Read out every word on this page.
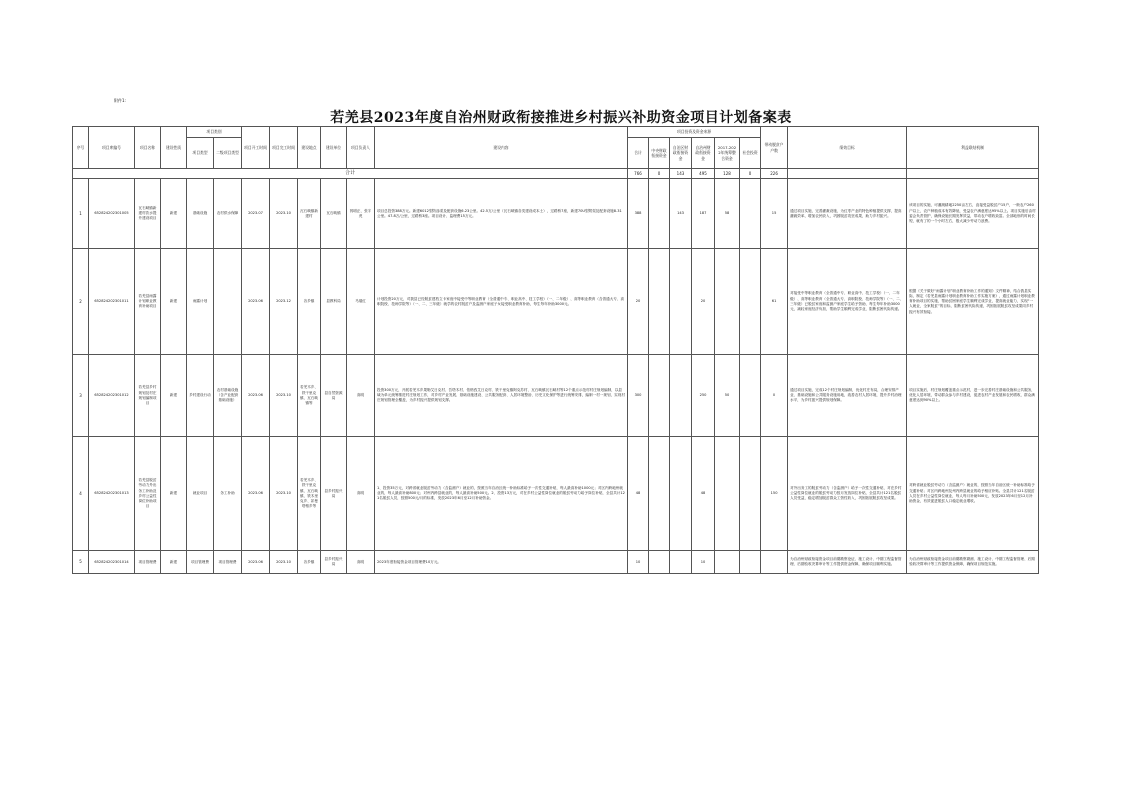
附件1:
若羌县2023年度自治州财政衔接推进乡村振兴补助资金项目计划备案表
序号	项目库编号	项目名称	建设性质	项目类别		项目开工时间	项目完工时间	建设地点	建设单位	项目负责人	建设内容	项目投资及资金来源						带动脱贫户户数	绩效目标	利益联结机制
				项目类型	二级项目类型							合计	中央财政衔接资金	自治区财政衔接资金	自治州财政衔接资金	2017-2022年统筹整合资金	社会投资			
合计												766	0	143	495	128	0	226		
1	652824202301005	瓦石峡镇新建村饮水提升建设项目	新建	基础设施	农村供水保障	2023.07	2023.10	瓦石峡镇新建村	瓦石峡镇	郭明正、张宇虎	项目总投资388万元。新建6012型防渗渠及配套设施6.23公里。42.5万/公里（瓦石峡镇各类建设成本土），过路桥7座，新建70U型附渠及配套设施8.31公里。47.8万/公里，过路桥3座。项目设计、监理费15万元。	388		143	187	58		15	通过项目实施，完善灌溉设施，为红枣产业的特色种植提供支撑，提高灌溉效率，增加农民收入，巩固脱贫攻坚成果，助力乡村振兴。	该项目的实施，可灌溉耕地2250亩左右，直接受益脱贫户15户，一般农户260户以上，农户种植成本有效降低，受益农户满意度达95%以上。项目实施后由村委会负责管护，确保设施长期发挥效益，带动农户增收致富。全部地形的时间长短，就有了的一个小时左右，极大减少劳动力浪费。
2	652824202301011	若羌县雨露计划职业教育补助项目	新建	雨露计划		2023.06	2023.12	各乡镇	县教科局	马瑞红	计划投资20万元，对我县已经脱贫建档立卡家庭中接受中等职业教育（全普通中专、职业高中、技工学校）（一、二年级）、高等职业教育（含普通大专、高职院校、技师学院等）（一、二、三年级）就学的农村脱贫户及监测户家庭子女接受职业教育补助，每生每年补助3000元。	20			20			61	对接受中等职业教育（全普通中专、职业高中、技工学校）（一、二年级）、高等职业教育（全普通大专、高职院校、技师学院等）（一、二、三年级）已脱贫家庭和监测户家庭学生给予资助，每生每年补助3000元，减轻家庭经济负担，帮助学生顺利完成学业，阻断贫困代际传递。	根据《关于做好“雨露计划”职业教育补助工作的通知》文件精神，结合我县实际，制定《若羌县雨露计划职业教育补助工作实施方案》，通过雨露计划职业教育补助项目的实施，帮助贫困家庭学生顺利完成学业，提高就业能力，实现“一人就业，全家脱贫”的目标，阻断贫困代际传递，巩固拓展脱贫攻坚成果同乡村振兴有效衔接。
3	652824202301012	若羌县乡村规划及村庄规划编制项目	新建	乡村建设行动	农村基础设施（含产业配套基础设施）	2023.06	2023.10	若羌木乡、铁干里克镇、瓦石峡镇等	县自然资源局	高明	投资300万元，开展若羌木乡果勒艾日克村、吾塔木村、依格孜艾日克村、铁干里克镇阿克苏村、瓦石峡镇瓦石峡村等12个重点示范村村庄规划编制，以县域为单元统筹推进村庄规划工作，对乡村产业发展、基础设施建设、公共服务配套、人居环境整治、历史文化保护等进行统筹安排，编制一村一规划，实现村庄规划管理全覆盖，为乡村振兴提供规划支撑。	300			250	50		0	通过项目实施，完成12个村庄规划编制，优化村庄布局，合理安排产业、基础设施和公共服务设施用地，改善农村人居环境，提升乡村治理水平，为乡村振兴提供规划保障。	项目实施后，村庄规划覆盖重点示范村，进一步完善村庄基础设施和公共服务，优化人居环境，带动群众参与乡村建设，促进农村产业发展和农民增收，群众满意度达到90%以上。
4	652824202301013	若羌县脱贫劳动力外出务工补助及乡村公益性岗位补助项目	新建	就业项目	务工补助	2023.06	2023.10	若羌木乡、铁干里克镇、瓦石峡镇、铁木里克乡、祁曼塔格乡等	县乡村振兴局	高明	1、投资35万元，对跨省就业脱贫劳动力（含监测户）就业的，按照当年自治区统一补助标准给予一次性交通补贴，每人最高补助1000元；对区内跨地州就业的，每人最高补助800元；对州内跨县就业的，每人最高补助500元。2、投资13万元，对在乡村公益性岗位就业的脱贫劳动力给予岗位补贴，全县共计121名脱贫人员，按照500元/月的标准，发放2023年6月至12月补助资金。	48			48			150	对外出务工的脱贫劳动力（含监测户）给予一次性交通补贴，对在乡村公益性岗位就业的脱贫劳动力按月发放岗位补贴，全县共计121名脱贫人员受益，稳定增加脱贫群众工资性收入，巩固拓展脱贫攻坚成果。	对跨省就业脱贫劳动力（含监测户）就业的，按照当年自治区统一补助标准给予交通补贴；对区内跨地州及州内跨县就业的给予相应补贴。全县共计121名脱贫人员在乡村公益性岗位就业，每人每月补助500元，发放2023年6月至12月补助资金，有效促进脱贫人口稳定就业增收。
5	652824202301014	项目管理费	新建	项目管理费	项目管理费	2023.06	2023.10	各乡镇	县乡村振兴局	高明	2023年度衔接资金项目管理费10万元。	10			10				为自治州财政衔接资金项目前期勘察论证、施工设计、中期工程监督管理、后期验收决算审计等工作提供资金保障，确保项目顺利实施。	为自治州财政衔接资金项目前期勘察勘测、施工设计、中期工程监督管理、后期验收决算审计等工作提供资金保障，确保项目规范实施。
